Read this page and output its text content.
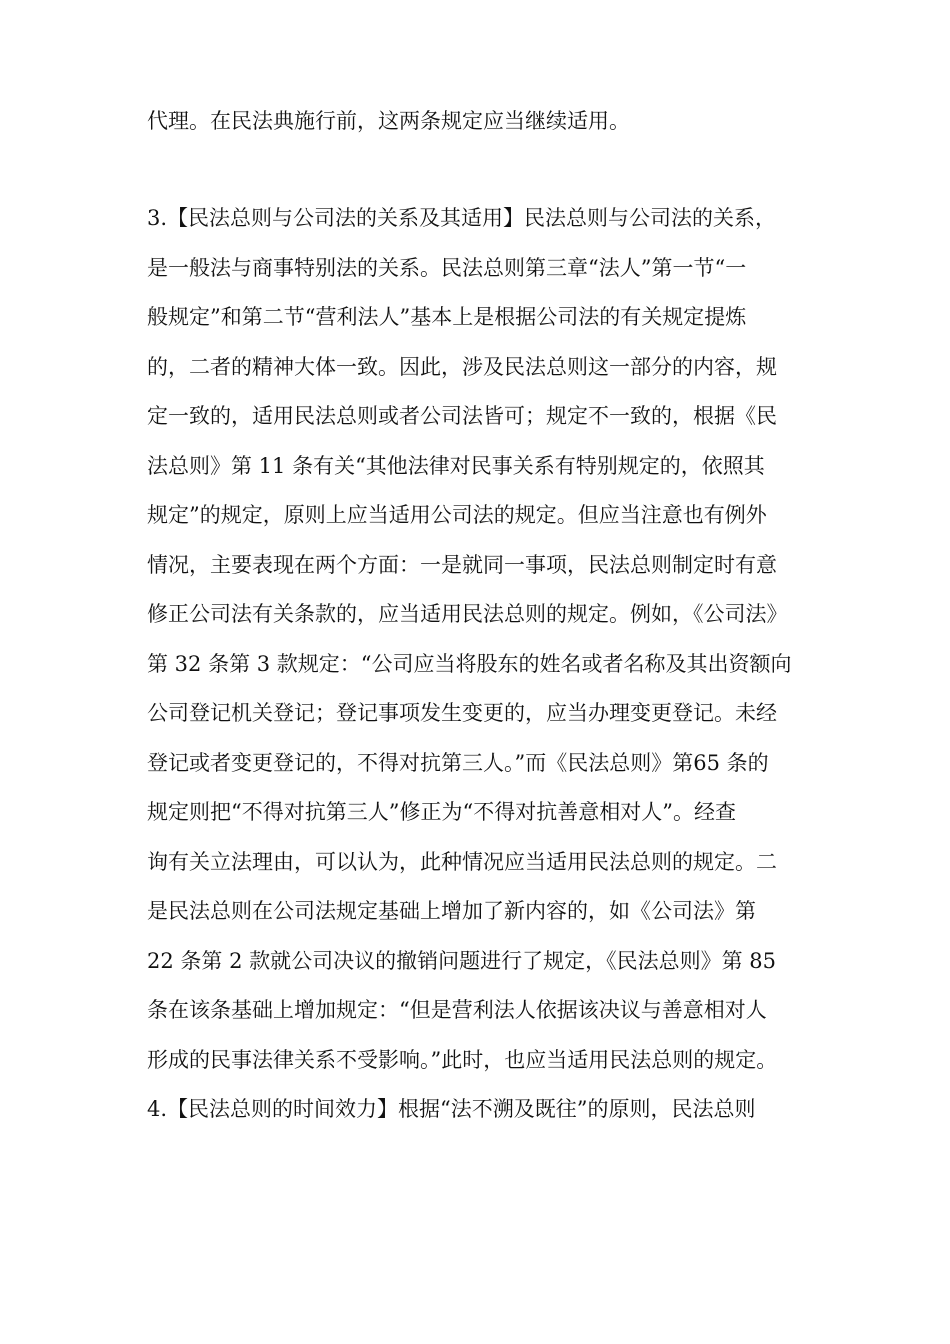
代理。在民法典施行前，这两条规定应当继续适用。
3.【民法总则与公司法的关系及其适用】民法总则与公司法的关系，
是一般法与商事特别法的关系。民法总则第三章“法人”第一节“一
般规定”和第二节“营利法人”基本上是根据公司法的有关规定提炼
的，二者的精神大体一致。因此，涉及民法总则这一部分的内容，规
定一致的，适用民法总则或者公司法皆可；规定不一致的，根据《民
法总则》第 11 条有关“其他法律对民事关系有特别规定的，依照其
规定”的规定，原则上应当适用公司法的规定。但应当注意也有例外
情况，主要表现在两个方面：一是就同一事项，民法总则制定时有意
修正公司法有关条款的，应当适用民法总则的规定。例如，《公司法》
第 32 条第 3 款规定：“公司应当将股东的姓名或者名称及其出资额向
公司登记机关登记；登记事项发生变更的，应当办理变更登记。未经
登记或者变更登记的，不得对抗第三人。”而《民法总则》第65 条的
规定则把“不得对抗第三人”修正为“不得对抗善意相对人”。经查
询有关立法理由，可以认为，此种情况应当适用民法总则的规定。二
是民法总则在公司法规定基础上增加了新内容的，如《公司法》第
22 条第 2 款就公司决议的撤销问题进行了规定，《民法总则》第 85
条在该条基础上增加规定：“但是营利法人依据该决议与善意相对人
形成的民事法律关系不受影响。”此时，也应当适用民法总则的规定。
4.【民法总则的时间效力】根据“法不溯及既往”的原则，民法总则
